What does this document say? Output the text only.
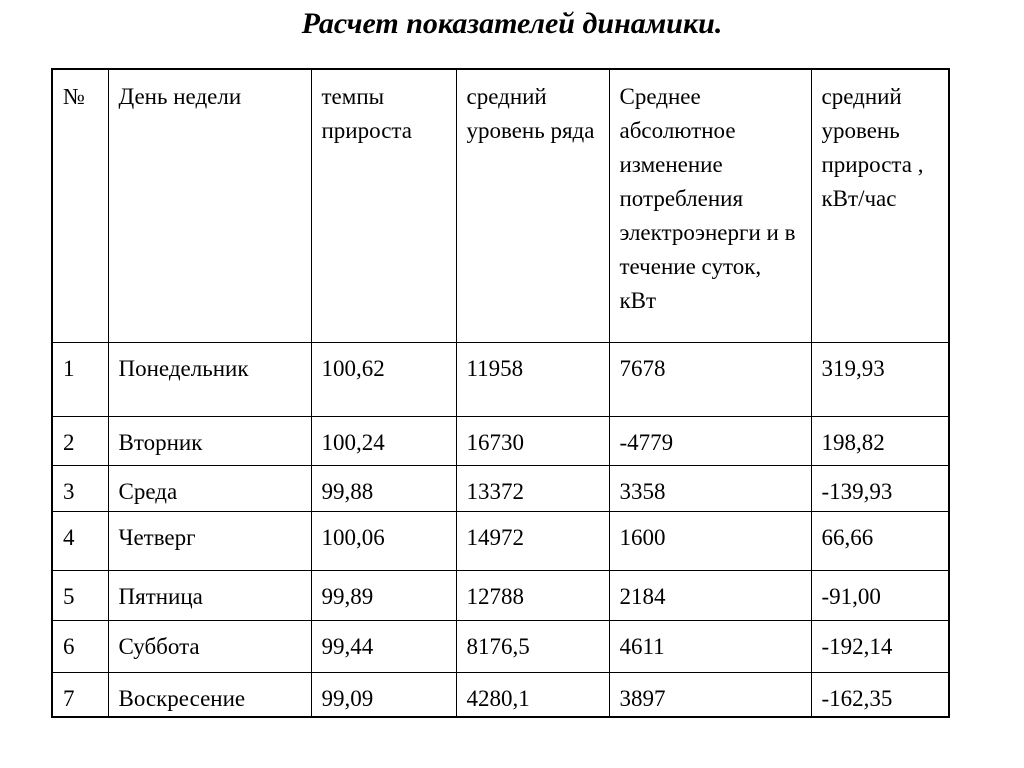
Расчет показателей динамики.
№	День недели	темпы прироста	средний уровень ряда	Среднее абсолютное изменение потребления электроэнерги и в течение суток, кВт	средний уровень прироста , кВт/час
1	Понедельник	100,62	11958	7678	319,93
2	Вторник	100,24	16730	-4779	198,82
3	Среда	99,88	13372	3358	-139,93
4	Четверг	100,06	14972	1600	66,66
5	Пятница	99,89	12788	2184	-91,00
6	Суббота	99,44	8176,5	4611	-192,14
7	Воскресение	99,09	4280,1	3897	-162,35
